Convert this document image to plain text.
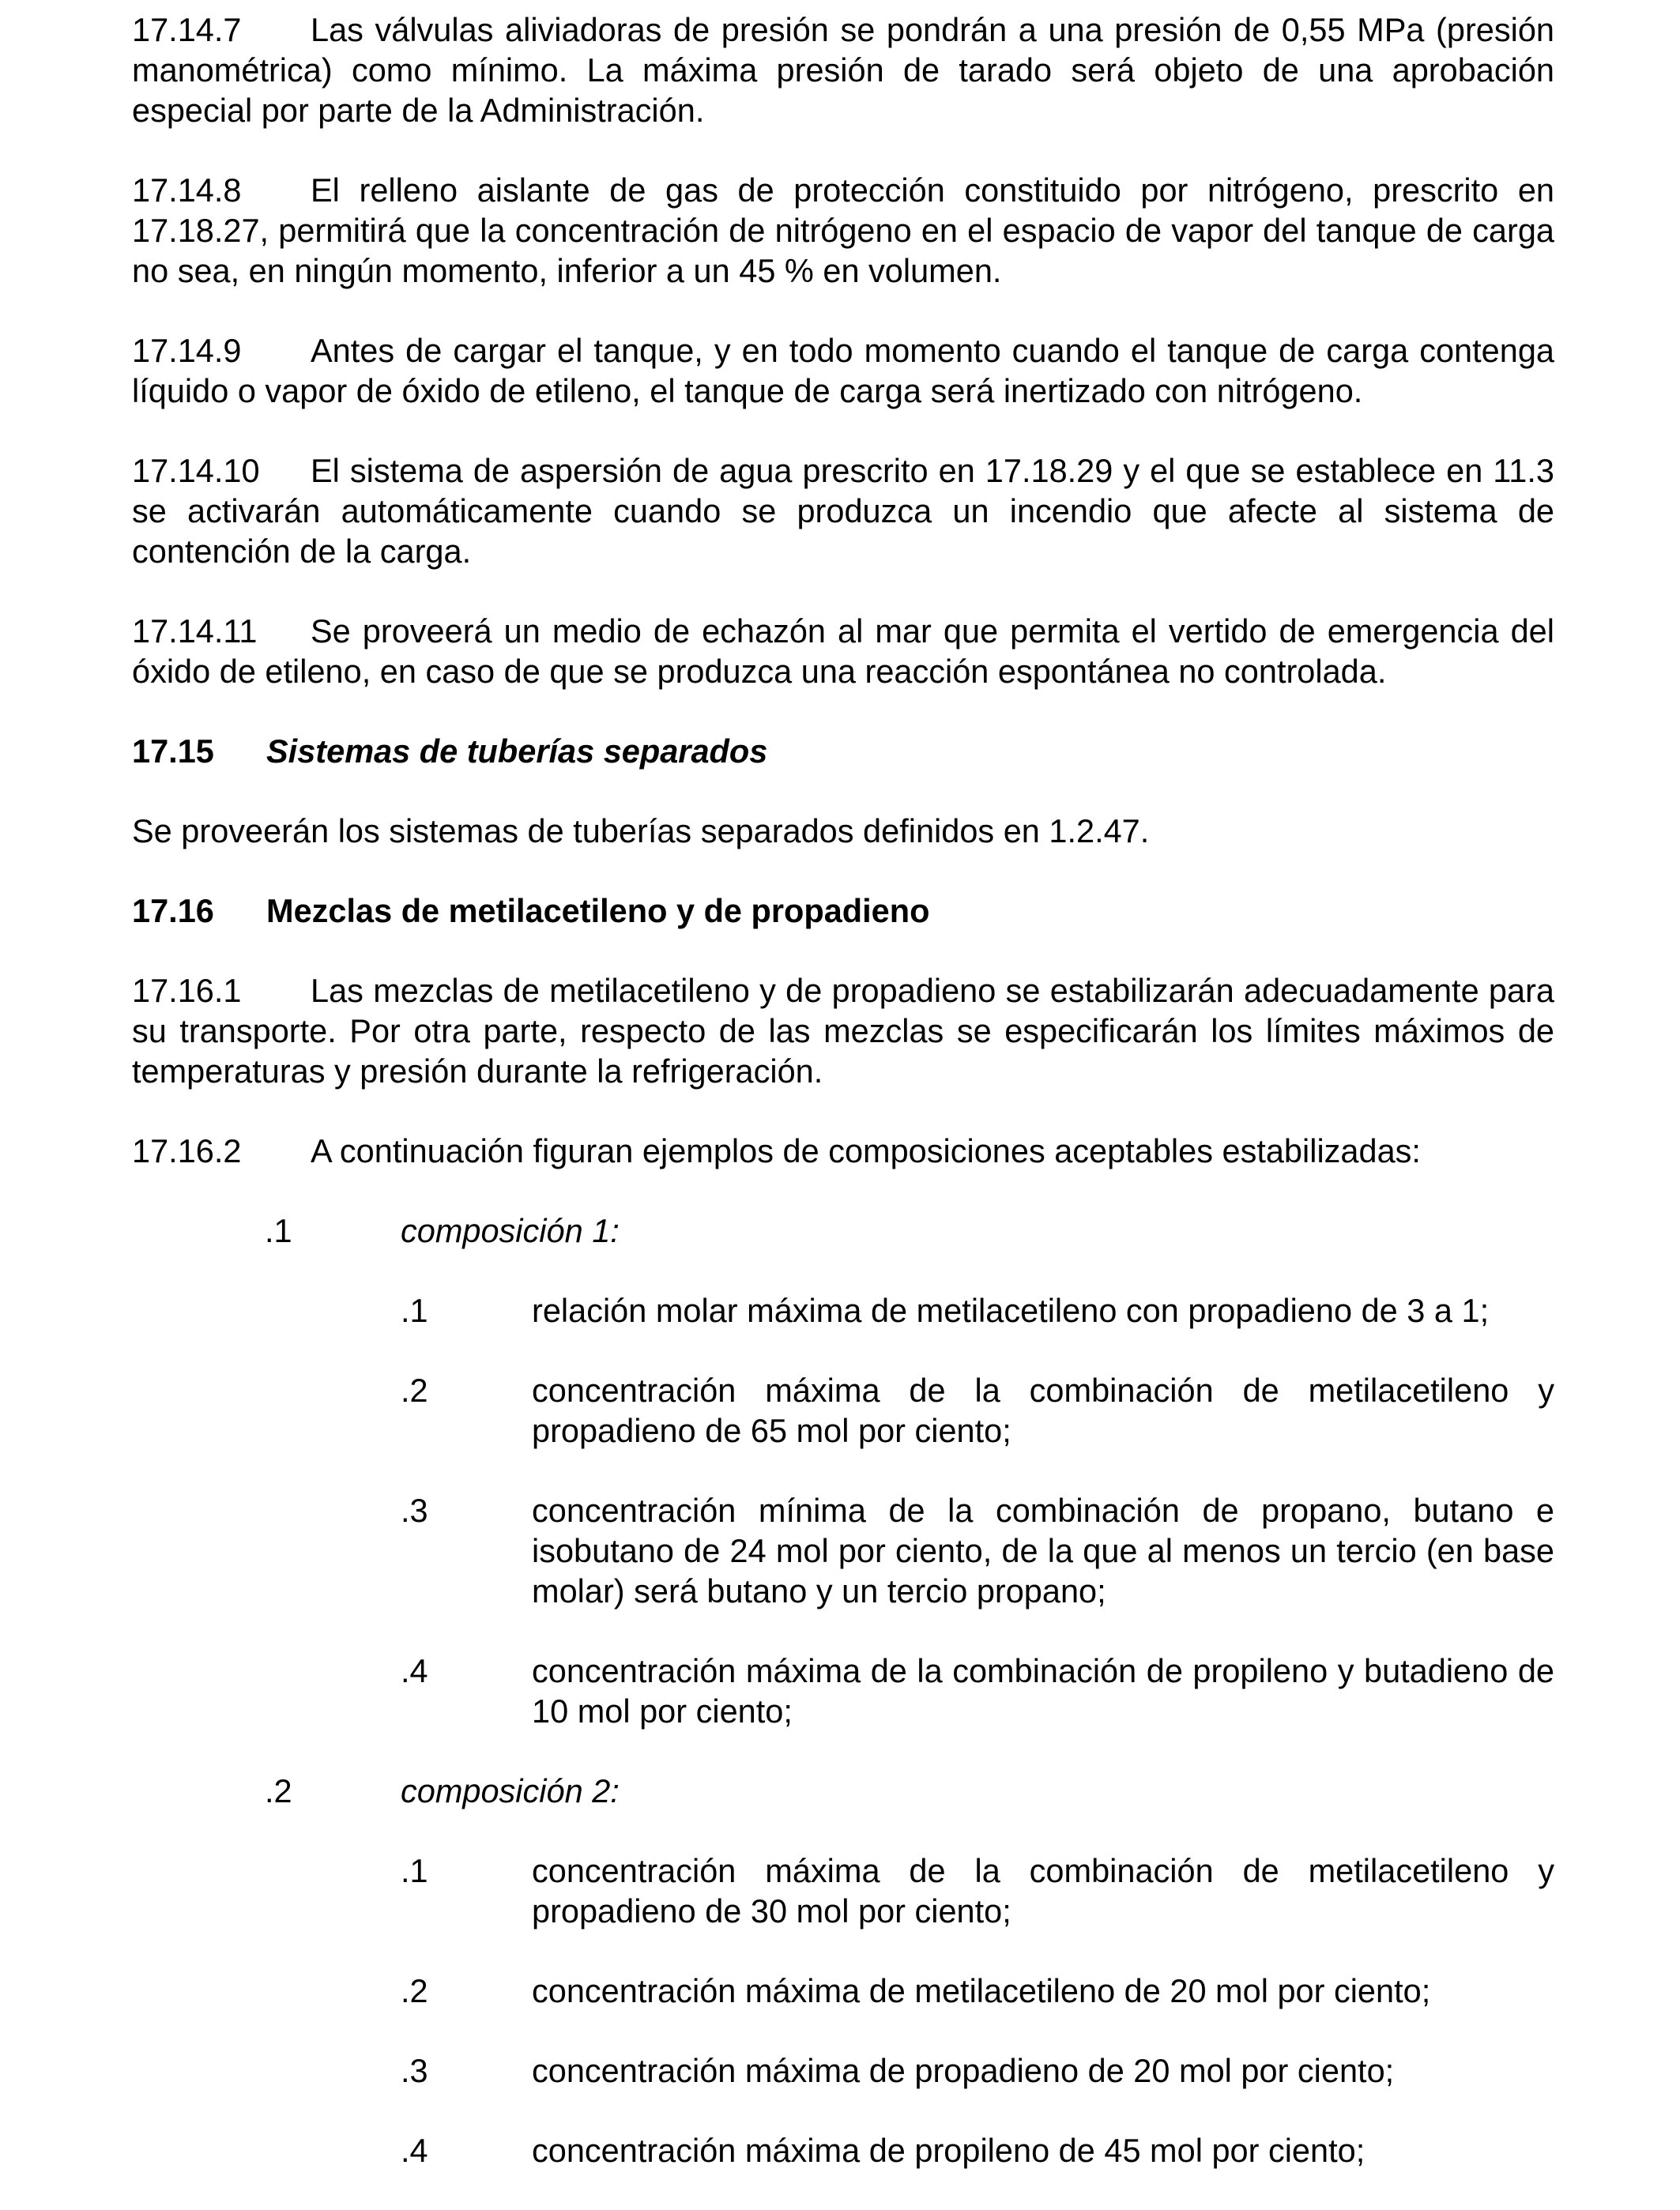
17.14.7 Las válvulas aliviadoras de presión se pondrán a una presión de 0,55 MPa (presión manométrica) como mínimo. La máxima presión de tarado será objeto de una aprobación especial por parte de la Administración.

17.14.8 El relleno aislante de gas de protección constituido por nitrógeno, prescrito en 17.18.27, permitirá que la concentración de nitrógeno en el espacio de vapor del tanque de carga no sea, en ningún momento, inferior a un 45 % en volumen.

17.14.9 Antes de cargar el tanque, y en todo momento cuando el tanque de carga contenga líquido o vapor de óxido de etileno, el tanque de carga será inertizado con nitrógeno.

17.14.10 El sistema de aspersión de agua prescrito en 17.18.29 y el que se establece en 11.3 se activarán automáticamente cuando se produzca un incendio que afecte al sistema de contención de la carga.

17.14.11 Se proveerá un medio de echazón al mar que permita el vertido de emergencia del óxido de etileno, en caso de que se produzca una reacción espontánea no controlada.

17.15 Sistemas de tuberías separados

Se proveerán los sistemas de tuberías separados definidos en 1.2.47.

17.16 Mezclas de metilacetileno y de propadieno

17.16.1 Las mezclas de metilacetileno y de propadieno se estabilizarán adecuadamente para su transporte. Por otra parte, respecto de las mezclas se especificarán los límites máximos de temperaturas y presión durante la refrigeración.

17.16.2 A continuación figuran ejemplos de composiciones aceptables estabilizadas:

.1	composición 1:
.1	relación molar máxima de metilacetileno con propadieno de 3 a 1;
.2	concentración máxima de la combinación de metilacetileno y propadieno de 65 mol por ciento;
.3	concentración mínima de la combinación de propano, butano e isobutano de 24 mol por ciento, de la que al menos un tercio (en base molar) será butano y un tercio propano;
.4	concentración máxima de la combinación de propileno y butadieno de 10 mol por ciento;
.2	composición 2:
.1	concentración máxima de la combinación de metilacetileno y propadieno de 30 mol por ciento;
.2	concentración máxima de metilacetileno de 20 mol por ciento;
.3	concentración máxima de propadieno de 20 mol por ciento;
.4	concentración máxima de propileno de 45 mol por ciento;
